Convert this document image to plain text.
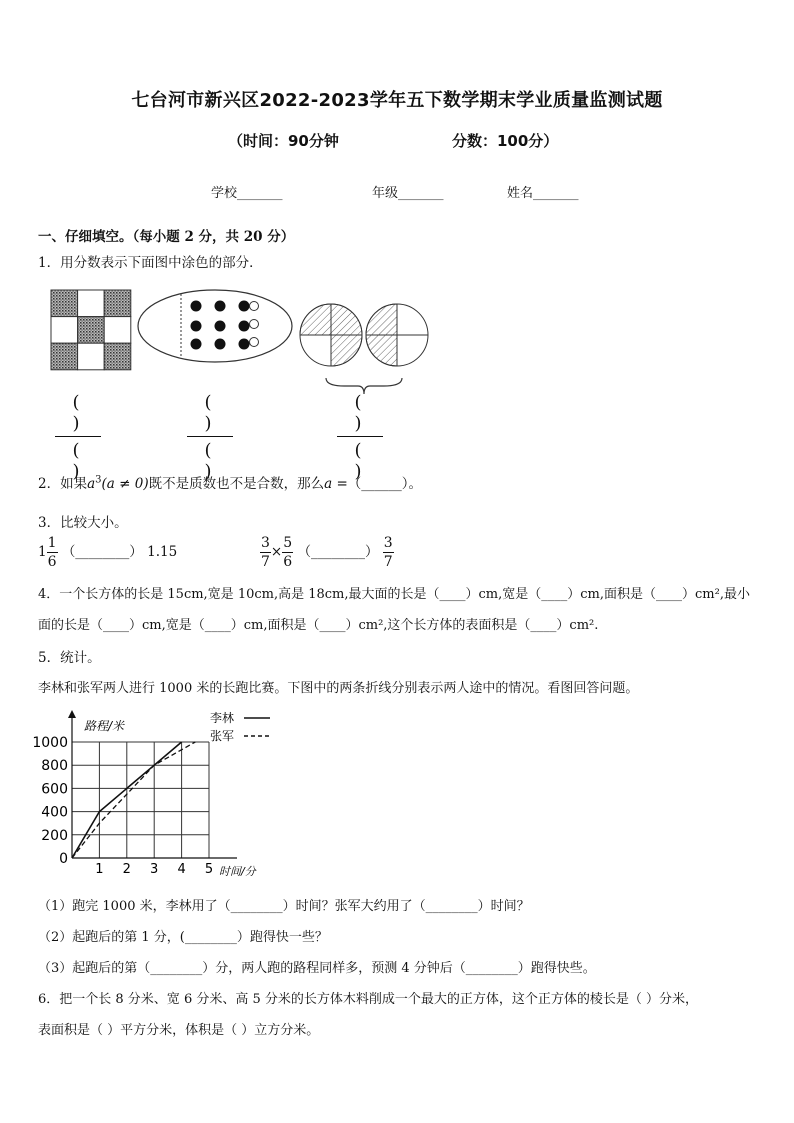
七台河市新兴区2022-2023学年五下数学期末学业质量监测试题
（时间：90分钟	分数：100分）
学校_______	年级_______	姓名_______
一、仔细填空。（每小题 2 分，共 20 分）
1．用分数表示下面图中涂色的部分．
( )
( )
( )
( )
( )
( )
2．如果$a^3(a \ne 0)$既不是质数也不是合数，那么a =（______）。
3．比较大小。
$1 \frac{1}{6}$ （________） 1.15	$\frac{3}{7} \times \frac{5}{6}$ （________） $\frac{3}{7}$
4．一个长方体的长是 15cm,宽是 10cm,高是 18cm,最大面的长是（____）cm,宽是（____）cm,面积是（____）cm²,最小
面的长是（____）cm,宽是（____）cm,面积是（____）cm²,这个长方体的表面积是（____）cm².
5．统计。
李林和张军两人进行 1000 米的长跑比赛。下图中的两条折线分别表示两人途中的情况。看图回答问题。
0
200
400
600
800
1000
1 2 3 4 5
路程/米
时间/分
李林
张军
（1）跑完 1000 米，李林用了（________）时间？张军大约用了（________）时间？
（2）起跑后的第 1 分，(________）跑得快一些？
（3）起跑后的第（________）分，两人跑的路程同样多，预测 4 分钟后（________）跑得快些。
6．把一个长 8 分米、宽 6 分米、高 5 分米的长方体木料削成一个最大的正方体，这个正方体的棱长是（ ）分米，
表面积是（ ）平方分米，体积是（ ）立方分米。
